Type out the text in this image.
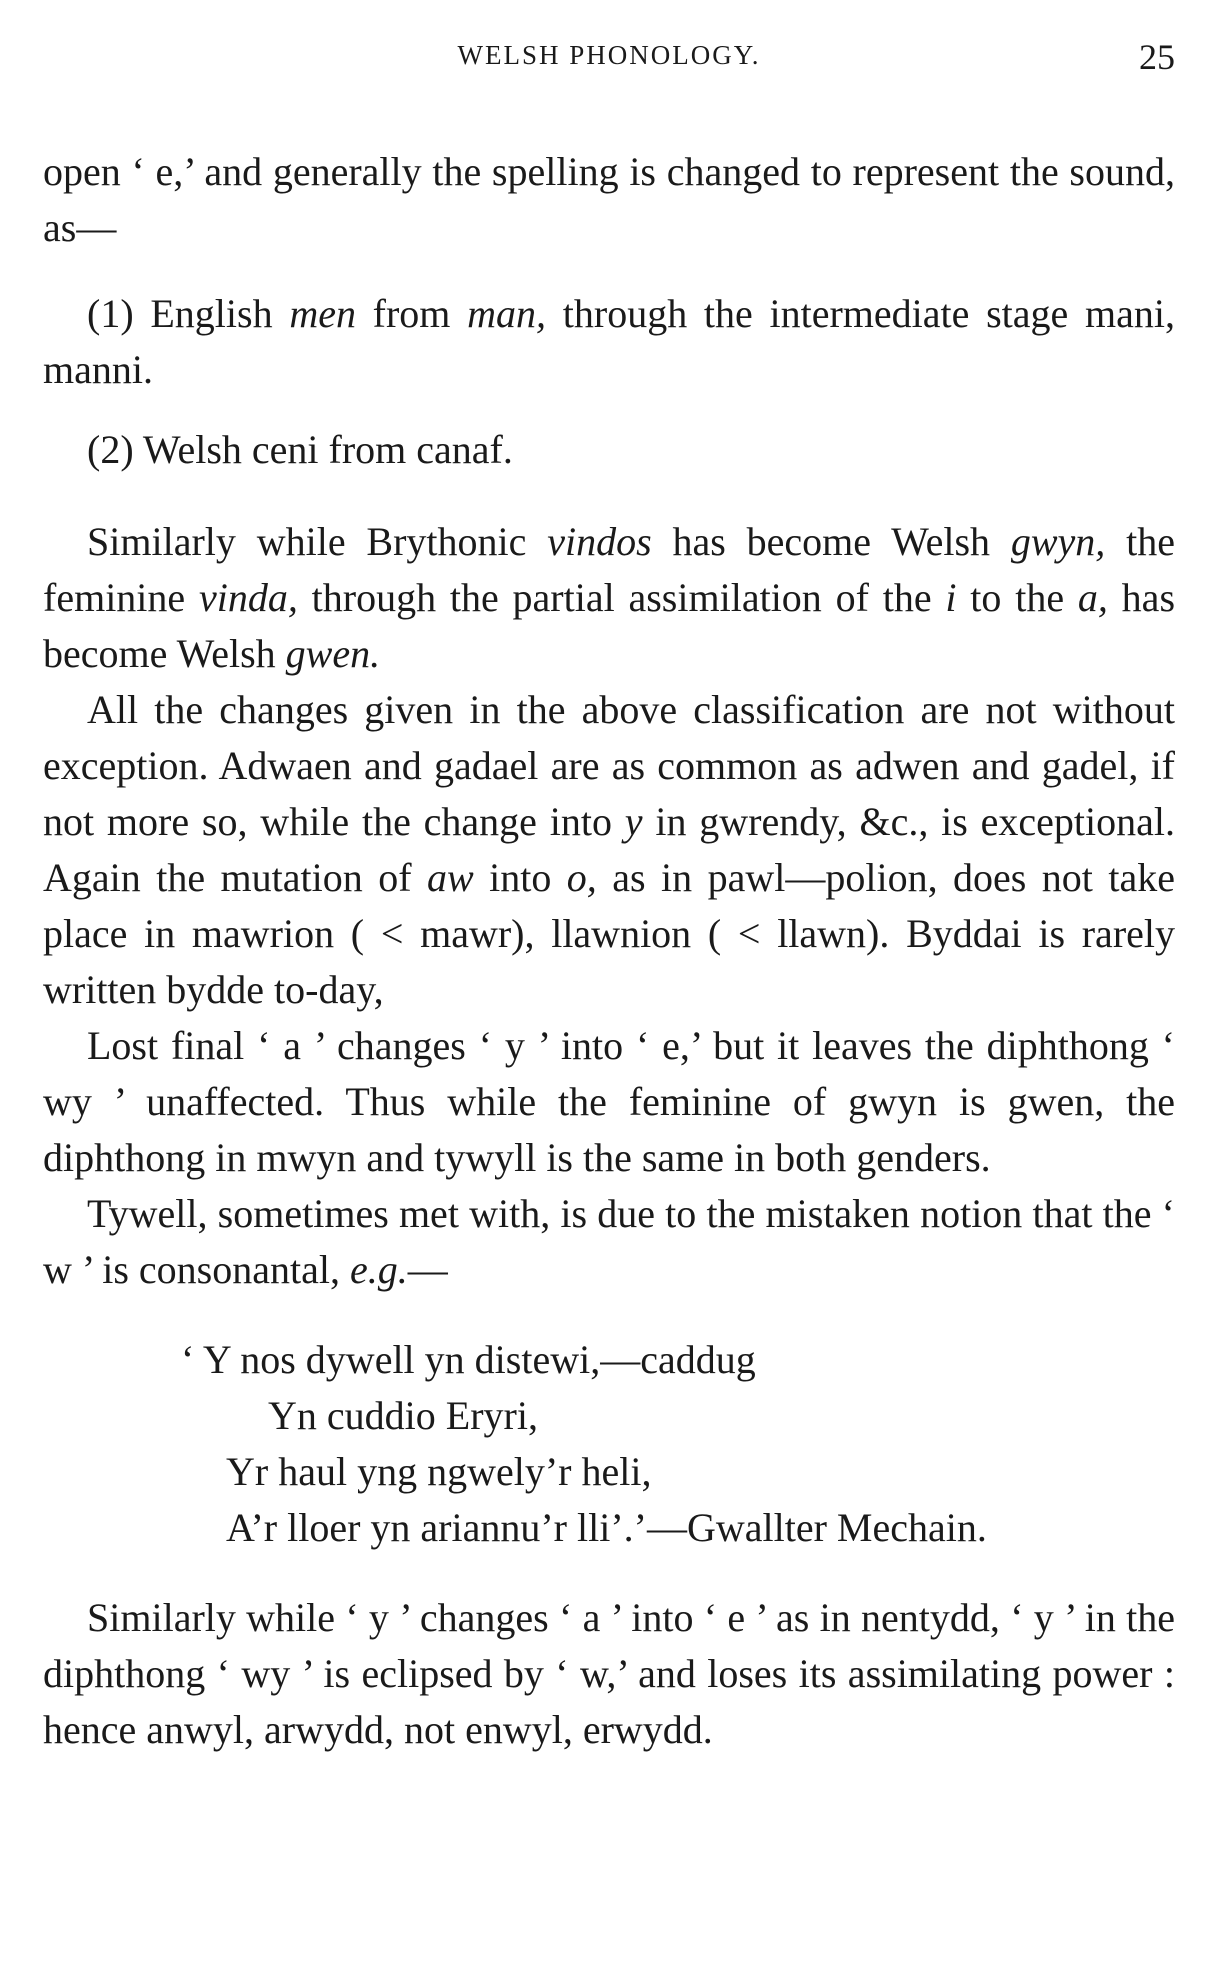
WELSH PHONOLOGY.	25

open ‘ e,’ and generally the spelling is changed to represent the sound, as—

(1) English men from man, through the intermediate stage mani, manni.

(2) Welsh ceni from canaf.

Similarly while Brythonic vindos has become Welsh gwyn, the feminine vinda, through the partial assimilation of the i to the a, has become Welsh gwen.

All the changes given in the above classification are not without exception. Adwaen and gadael are as common as adwen and gadel, if not more so, while the change into y in gwrendy, &c., is exceptional. Again the mutation of aw into o, as in pawl—polion, does not take place in mawrion ( < mawr), llawnion ( < llawn). Byddai is rarely written bydde to-day,

Lost final ‘ a ’ changes ‘ y ’ into ‘ e,’ but it leaves the diphthong ‘ wy ’ unaffected. Thus while the feminine of gwyn is gwen, the diphthong in mwyn and tywyll is the same in both genders.

Tywell, sometimes met with, is due to the mistaken notion that the ‘ w ’ is consonantal, e.g.—

‘ Y nos dywell yn distewi,—caddug
Yn cuddio Eryri,
Yr haul yng ngwely’r heli,
A’r lloer yn ariannu’r lli’.’—Gwallter Mechain.

Similarly while ‘ y ’ changes ‘ a ’ into ‘ e ’ as in nentydd, ‘ y ’ in the diphthong ‘ wy ’ is eclipsed by ‘ w,’ and loses its assimilating power : hence anwyl, arwydd, not enwyl, erwydd.
